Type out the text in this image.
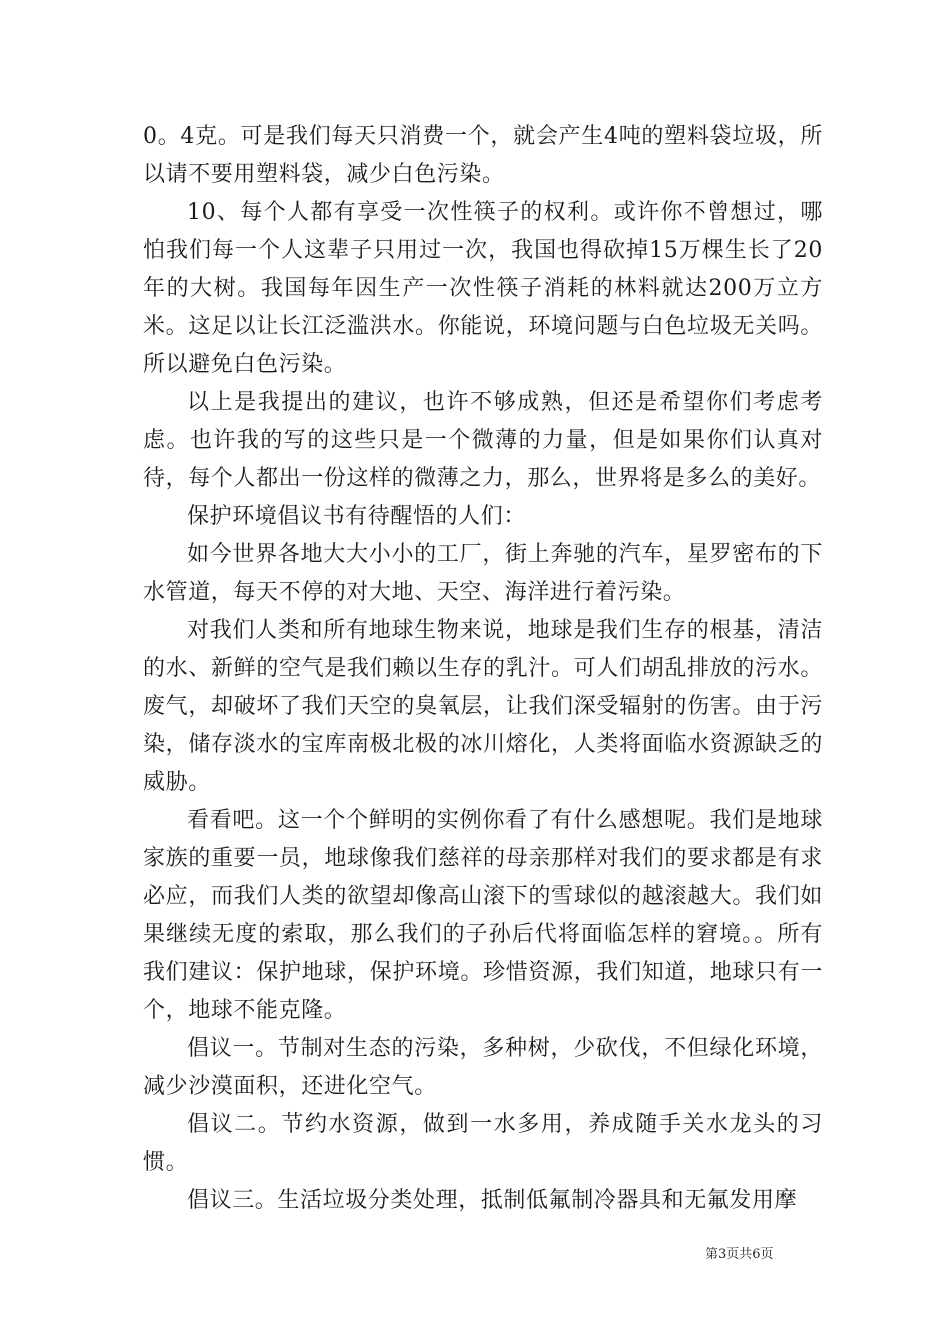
0。4克。可是我们每天只消费一个，就会产生4吨的塑料袋垃圾，所以请不要用塑料袋，减少白色污染。

10、每个人都有享受一次性筷子的权利。或许你不曾想过，哪怕我们每一个人这辈子只用过一次，我国也得砍掉15万棵生长了20年的大树。我国每年因生产一次性筷子消耗的林料就达200万立方米。这足以让长江泛滥洪水。你能说，环境问题与白色垃圾无关吗。所以避免白色污染。

以上是我提出的建议，也许不够成熟，但还是希望你们考虑考虑。也许我的写的这些只是一个微薄的力量，但是如果你们认真对待，每个人都出一份这样的微薄之力，那么，世界将是多么的美好。

保护环境倡议书有待醒悟的人们：

如今世界各地大大小小的工厂，街上奔驰的汽车，星罗密布的下水管道，每天不停的对大地、天空、海洋进行着污染。

对我们人类和所有地球生物来说，地球是我们生存的根基，清洁的水、新鲜的空气是我们赖以生存的乳汁。可人们胡乱排放的污水。废气，却破坏了我们天空的臭氧层，让我们深受辐射的伤害。由于污染，储存淡水的宝库南极北极的冰川熔化，人类将面临水资源缺乏的威胁。

看看吧。这一个个鲜明的实例你看了有什么感想呢。我们是地球家族的重要一员，地球像我们慈祥的母亲那样对我们的要求都是有求必应，而我们人类的欲望却像高山滚下的雪球似的越滚越大。我们如果继续无度的索取，那么我们的子孙后代将面临怎样的窘境。。所有我们建议：保护地球，保护环境。珍惜资源，我们知道，地球只有一个，地球不能克隆。

倡议一。节制对生态的污染，多种树，少砍伐，不但绿化环境，减少沙漠面积，还进化空气。

倡议二。节约水资源，做到一水多用，养成随手关水龙头的习惯。

倡议三。生活垃圾分类处理，抵制低氟制冷器具和无氟发用摩

第3页共6页
